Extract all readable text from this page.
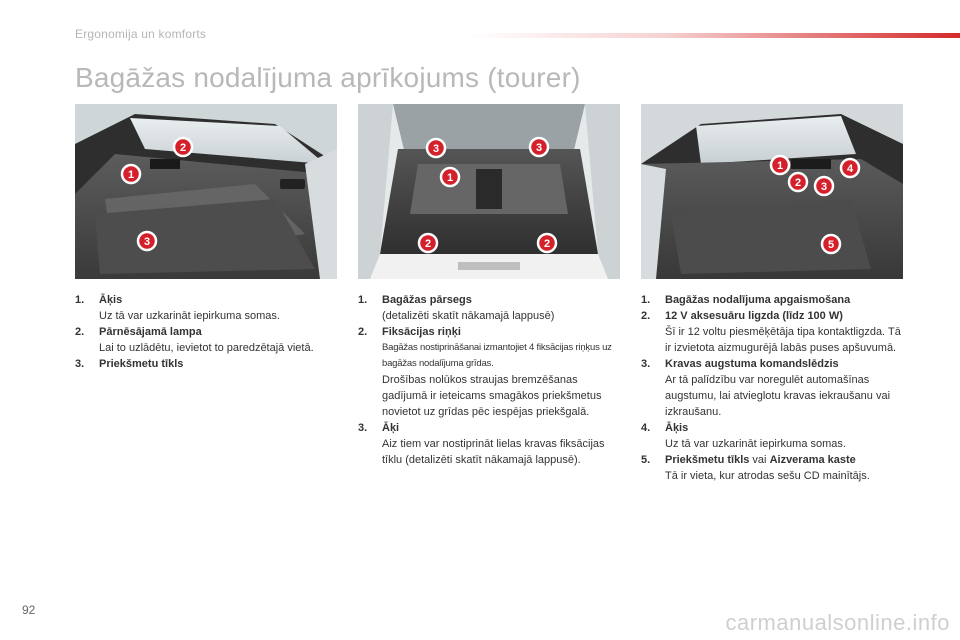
Ergonomija un komforts
Bagāžas nodalījuma aprīkojums (tourer)
1
2
3
3	3
1
2	2
1	4
2 3
5
1. Āķis
Uz tā var uzkarināt iepirkuma somas.
2. Pārnēsājamā lampa
Lai to uzlādētu, ievietot to paredzētajā vietā.
3. Priekšmetu tīkls
1. Bagāžas pārsegs
(detalizēti skatīt nākamajā lappusē)
2. Fiksācijas riņķi
Bagāžas nostiprināšanai izmantojiet 4 fiksācijas riņķus uz bagāžas nodalījuma grīdas.
Drošības nolūkos straujas bremzēšanas gadījumā ir ieteicams smagākos priekšmetus novietot uz grīdas pēc iespējas priekšgalā.
3. Āķi
Aiz tiem var nostiprināt lielas kravas fiksācijas tīklu (detalizēti skatīt nākamajā lappusē).
1. Bagāžas nodalījuma apgaismošana
2. 12 V aksesuāru ligzda (līdz 100 W)
Šī ir 12 voltu piesmēķētāja tipa kontaktligzda. Tā ir izvietota aizmugurējā labās puses apšuvumā.
3. Kravas augstuma komandslēdzis
Ar tā palīdzību var noregulēt automašīnas augstumu, lai atvieglotu kravas iekraušanu vai izkraušanu.
4. Āķis
Uz tā var uzkarināt iepirkuma somas.
5. Priekšmetu tīkls vai Aizverama kaste
Tā ir vieta, kur atrodas sešu CD mainītājs.
92	carmanualsonline.info
